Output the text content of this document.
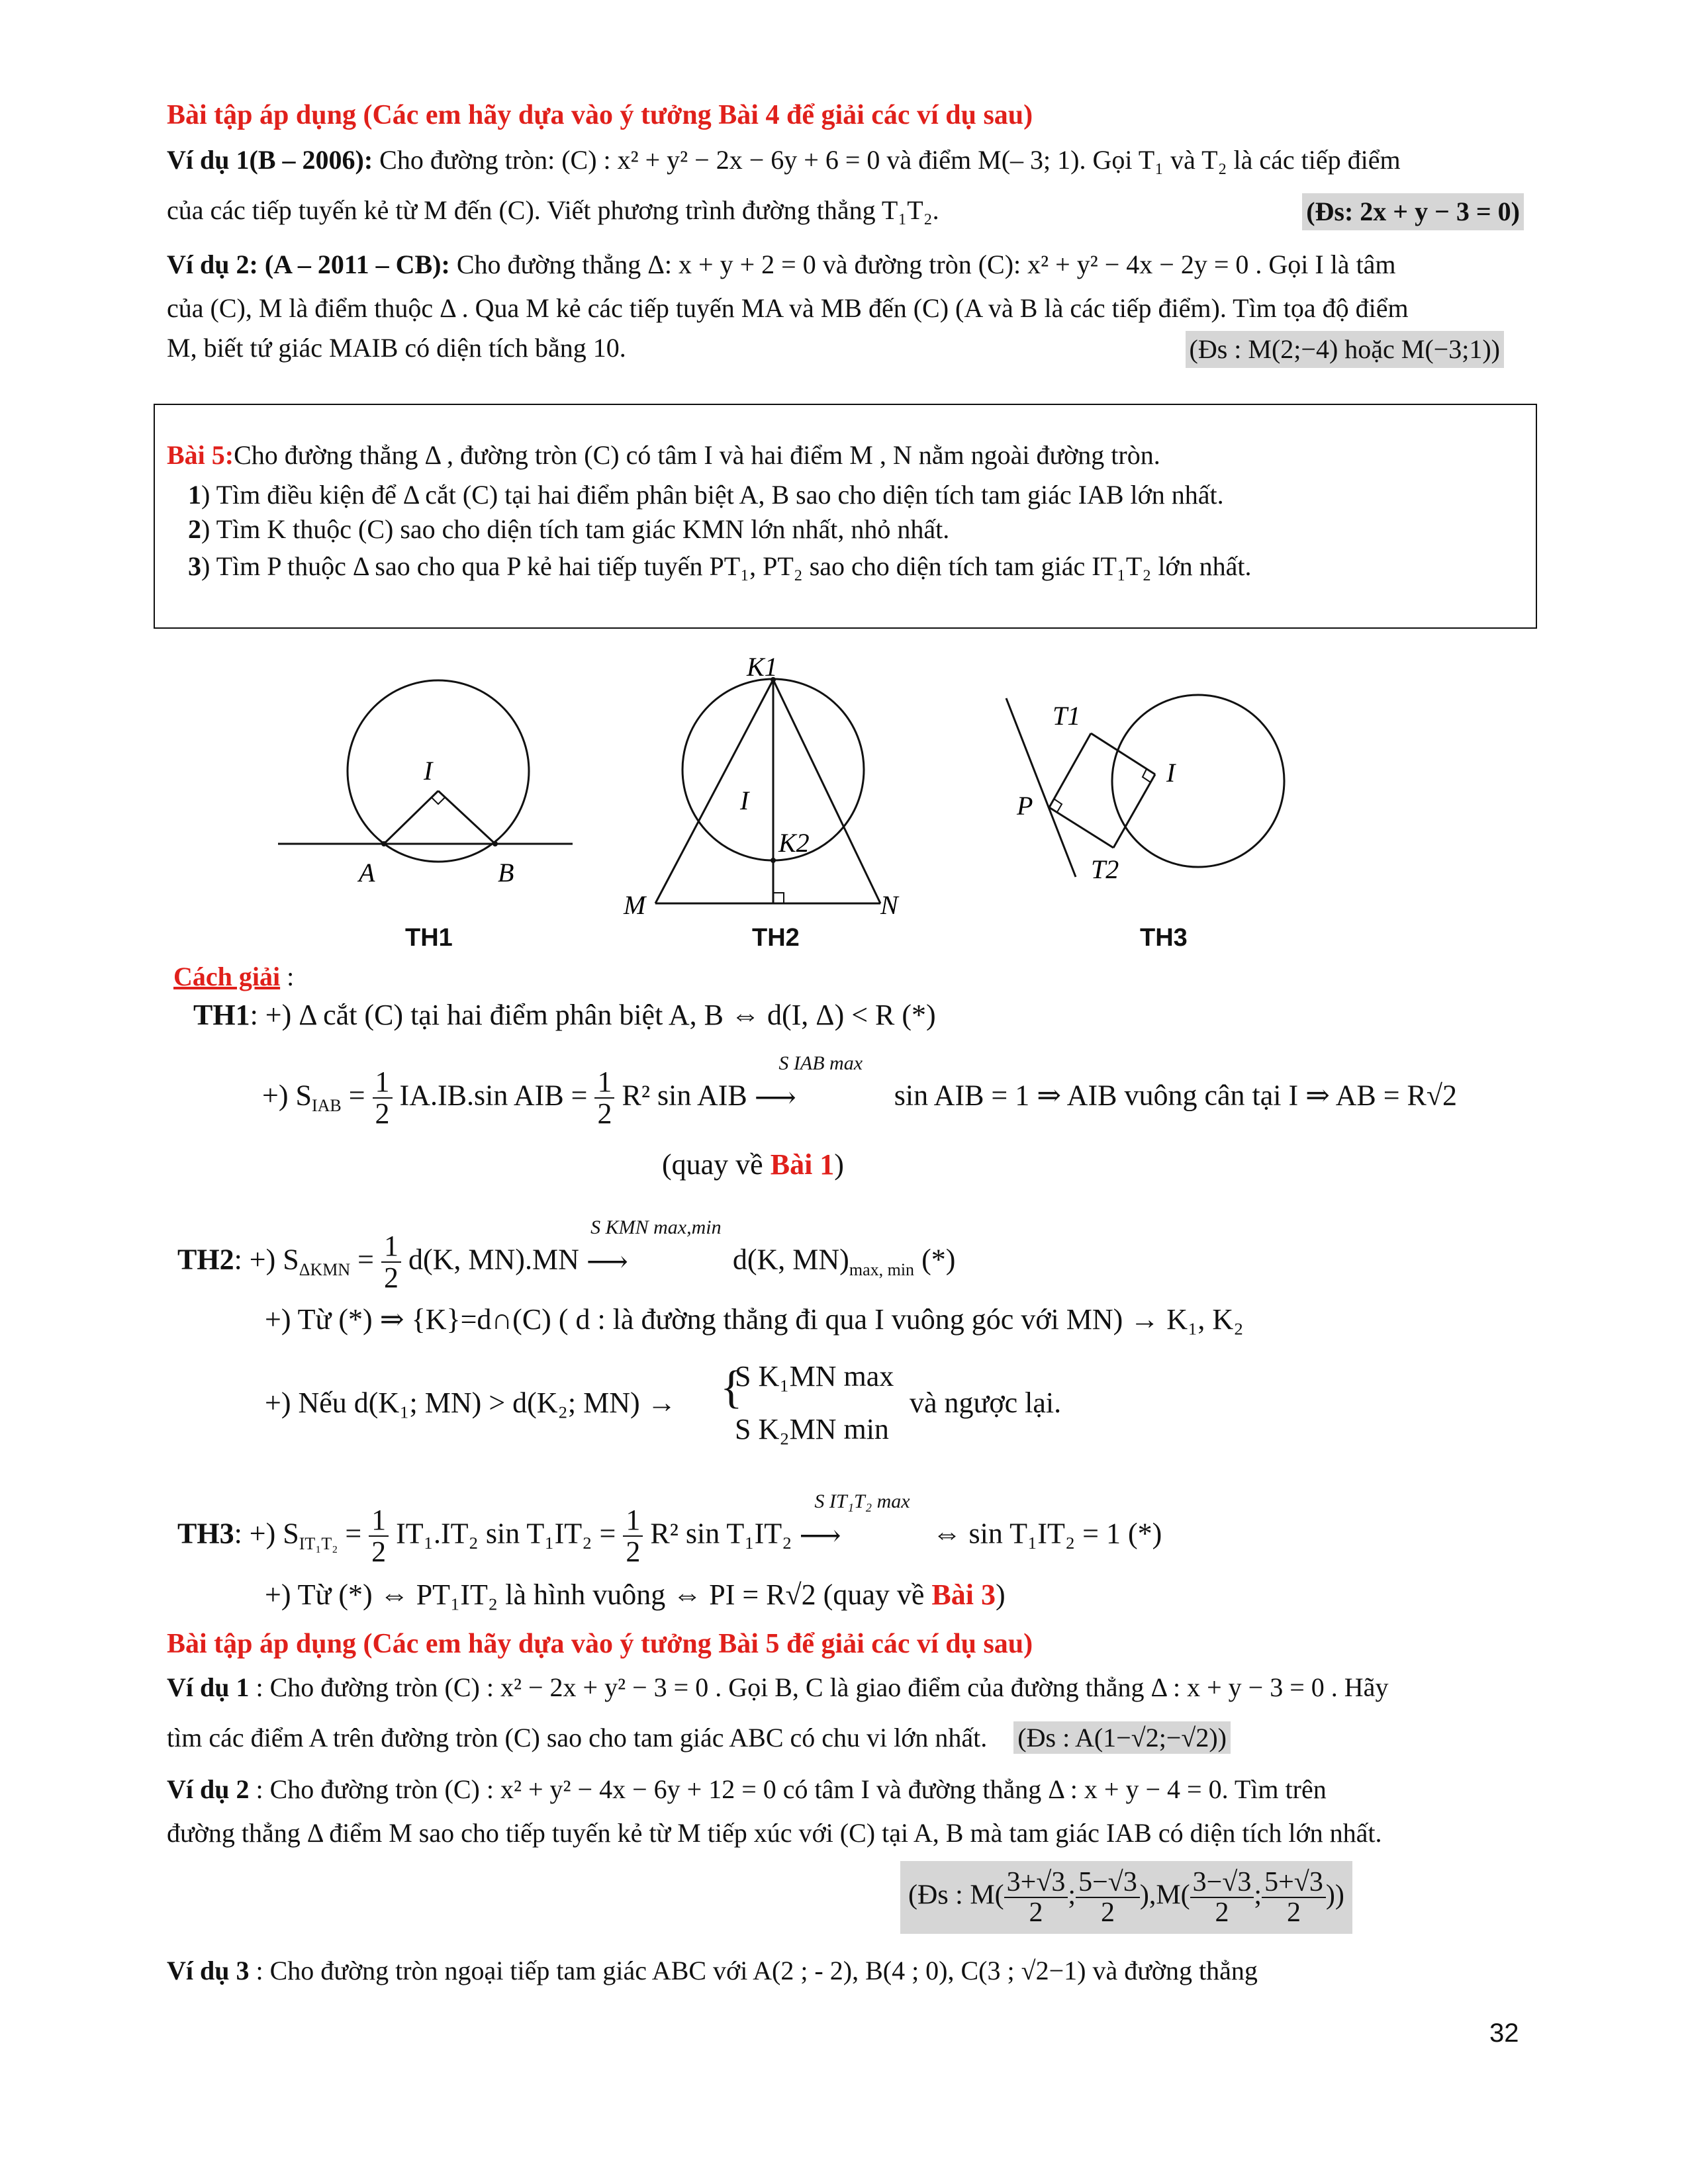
Bài tập áp dụng (Các em hãy dựa vào ý tưởng Bài 4 để giải các ví dụ sau)
Ví dụ 1(B – 2006): Cho đường tròn: (C) : x² + y² − 2x − 6y + 6 = 0 và điểm M(– 3; 1). Gọi T₁ và T₂ là các tiếp điểm
của các tiếp tuyến kẻ từ M đến (C). Viết phương trình đường thẳng T₁T₂.	(Đs: 2x + y − 3 = 0)
Ví dụ 2: (A – 2011 – CB): Cho đường thẳng Δ: x + y + 2 = 0 và đường tròn (C): x² + y² − 4x − 2y = 0 . Gọi I là tâm
của (C), M là điểm thuộc Δ . Qua M kẻ các tiếp tuyến MA và MB đến (C) (A và B là các tiếp điểm). Tìm tọa độ điểm
M, biết tứ giác MAIB có diện tích bằng 10.	(Đs : M(2;−4) hoặc M(−3;1))
Bài 5:Cho đường thẳng Δ , đường tròn (C) có tâm I và hai điểm M , N nằm ngoài đường tròn.
1) Tìm điều kiện để Δ cắt (C) tại hai điểm phân biệt A, B sao cho diện tích tam giác IAB lớn nhất.
2) Tìm K thuộc (C) sao cho diện tích tam giác KMN lớn nhất, nhỏ nhất.
3) Tìm P thuộc Δ sao cho qua P kẻ hai tiếp tuyến PT₁, PT₂ sao cho diện tích tam giác IT₁T₂ lớn nhất.
I
A	B
K1
I
K2
M	N
T1
I
P
T2
TH1	TH2	TH3
Cách giải :
TH1: +) Δ cắt (C) tại hai điểm phân biệt A, B ⇔ d(I, Δ) < R (*)
+) $S_{IAB} = \frac{1}{2} IA.IB.\sin$ AIB = $\frac{1}{2} R^2$ sin AIB
S IAB max
⟶	sin AIB = 1 ⇒ AIB vuông cân tại I ⇒ AB = R√2
(quay về Bài 1)
TH2: +) $S_{\Delta KMN} = \frac{1}{2} d(K$, MN).MN
S KMN max,min
⟶	d(K, $MN)_{max, min}$ (*)
+) Từ (*) ⇒ {K}=d∩(C) ( d : là đường thẳng đi qua I vuông góc với MN) → K₁, K₂
+) Nếu d(K₁; MN) > d(K₂; MN) → {
S K₁MN max
S K₂MN min
và ngược lại.
TH3: +) $S_{IT_1T_2} = \frac{1}{2} IT_1.IT_2$ $\sin T_1IT_2 = \frac{1}{2} R^2$ sin T₁IT₂
S IT₁T₂ max
⟶	⇔ sin T₁IT₂ = 1 (*)
+) Từ (*) ⇔ PT₁IT₂ là hình vuông ⇔ PI = R√2 (quay về Bài 3)
Bài tập áp dụng (Các em hãy dựa vào ý tưởng Bài 5 để giải các ví dụ sau)
Ví dụ 1 : Cho đường tròn (C) : x² − 2x + y² − 3 = 0 . Gọi B, C là giao điểm của đường thẳng Δ : x + y − 3 = 0 . Hãy
tìm các điểm A trên đường tròn (C) sao cho tam giác ABC có chu vi lớn nhất. (Đs : A(1−√2;−√2))
Ví dụ 2 : Cho đường tròn (C) : x² + y² − 4x − 6y + 12 = 0 có tâm I và đường thẳng Δ : x + y − 4 = 0. Tìm trên
đường thẳng Δ điểm M sao cho tiếp tuyến kẻ từ M tiếp xúc với (C) tại A, B mà tam giác IAB có diện tích lớn nhất.
(Đs : $M( \frac{3+√3}{2}$ ; $\frac{5-√3}{2} ),M( \frac{3-√3}{2}$ ; $\frac{5+√3}{2}$ ))
Ví dụ 3 : Cho đường tròn ngoại tiếp tam giác ABC với A(2 ; - 2), B(4 ; 0), C(3 ; √2−1) và đường thẳng
32
